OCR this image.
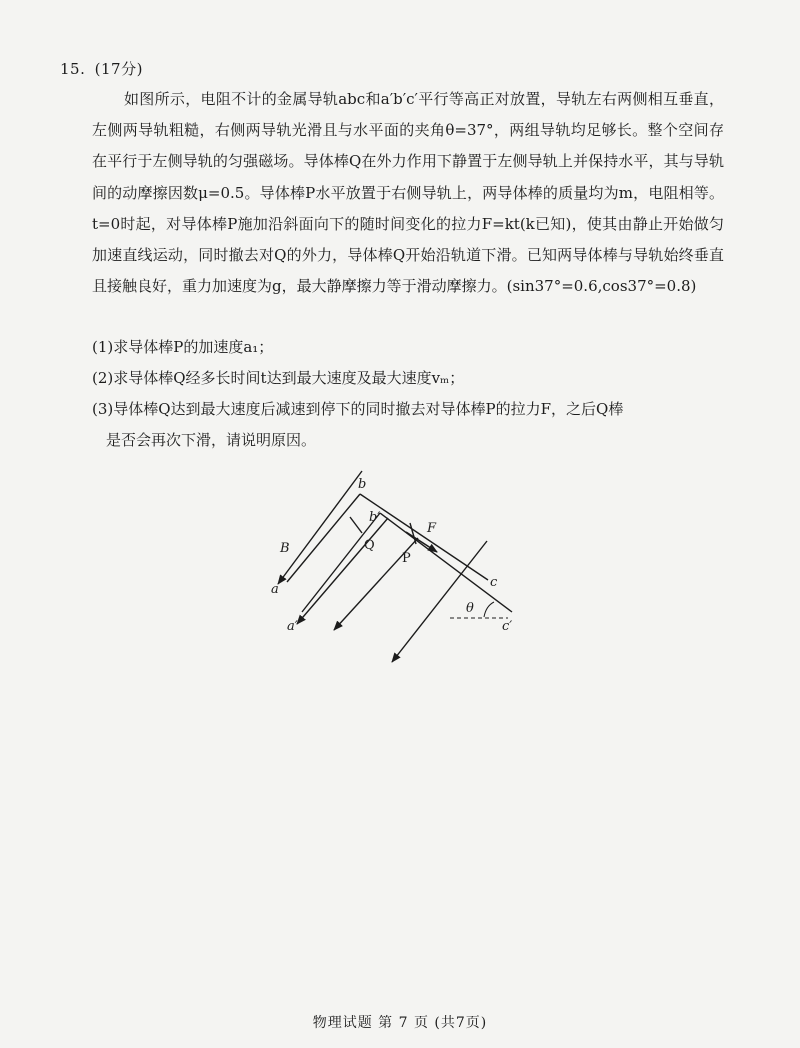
15. (17分)
如图所示，电阻不计的金属导轨abc和a′b′c′平行等高正对放置，导轨左右两侧相互垂直，左侧两导轨粗糙，右侧两导轨光滑且与水平面的夹角θ=37°，两组导轨均足够长。整个空间存在平行于左侧导轨的匀强磁场。导体棒Q在外力作用下静置于左侧导轨上并保持水平，其与导轨间的动摩擦因数μ=0.5。导体棒P水平放置于右侧导轨上，两导体棒的质量均为m，电阻相等。t=0时起，对导体棒P施加沿斜面向下的随时间变化的拉力F=kt(k已知)，使其由静止开始做匀加速直线运动，同时撤去对Q的外力，导体棒Q开始沿轨道下滑。已知两导体棒与导轨始终垂直且接触良好，重力加速度为g，最大静摩擦力等于滑动摩擦力。(sin37°=0.6,cos37°=0.8)
(1)求导体棒P的加速度a₁；
(2)求导体棒Q经多长时间t达到最大速度及最大速度vₘ；
(3)导体棒Q达到最大速度后减速到停下的同时撤去对导体棒P的拉力F，之后Q棒
是否会再次下滑，请说明原因。
b
b′
B	Q
P
F
a
a′
c
c′
θ
物理试题 第 7 页 (共7页)
